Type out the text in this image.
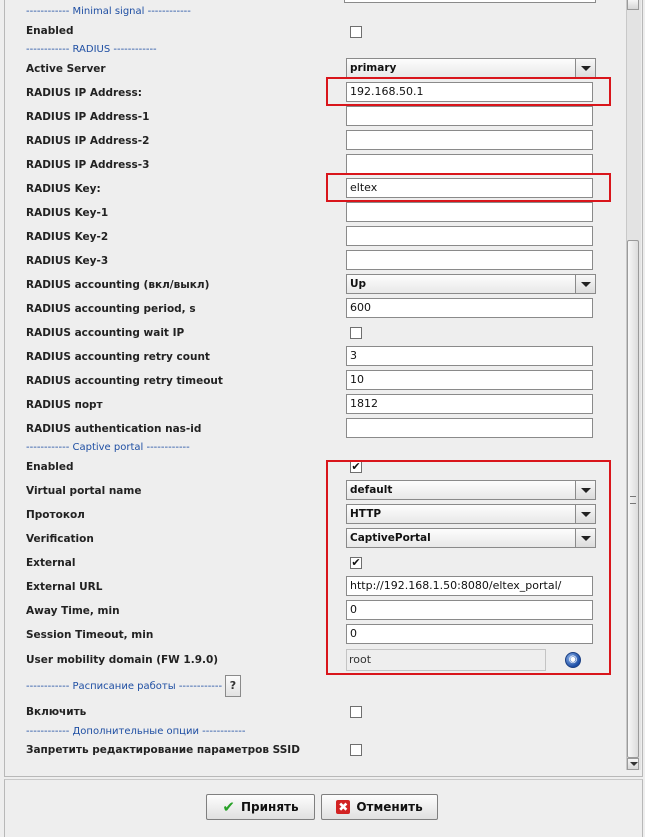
------------ Minimal signal ------------
Enabled
------------ RADIUS ------------
Active Server	primary
RADIUS IP Address:	192.168.50.1
RADIUS IP Address-1
RADIUS IP Address-2
RADIUS IP Address-3
RADIUS Key:	eltex
RADIUS Key-1
RADIUS Key-2
RADIUS Key-3
RADIUS accounting (вкл/выкл)	Up
RADIUS accounting period, s	600
RADIUS accounting wait IP
RADIUS accounting retry count	3
RADIUS accounting retry timeout	10
RADIUS порт	1812
RADIUS authentication nas-id
------------ Captive portal ------------
Enabled	✔
Virtual portal name	default
Протокол	HTTP
Verification	CaptivePortal
External	✔
External URL	http://192.168.1.50:8080/eltex_portal/
Away Time, min	0
Session Timeout, min	0
User mobility domain (FW 1.9.0)	root	◉
------------ Расписание работы ------------ ?
Включить
------------ Дополнительные опции ------------
Запретить редактирование параметров SSID
✔ Принять	✖ Отменить
